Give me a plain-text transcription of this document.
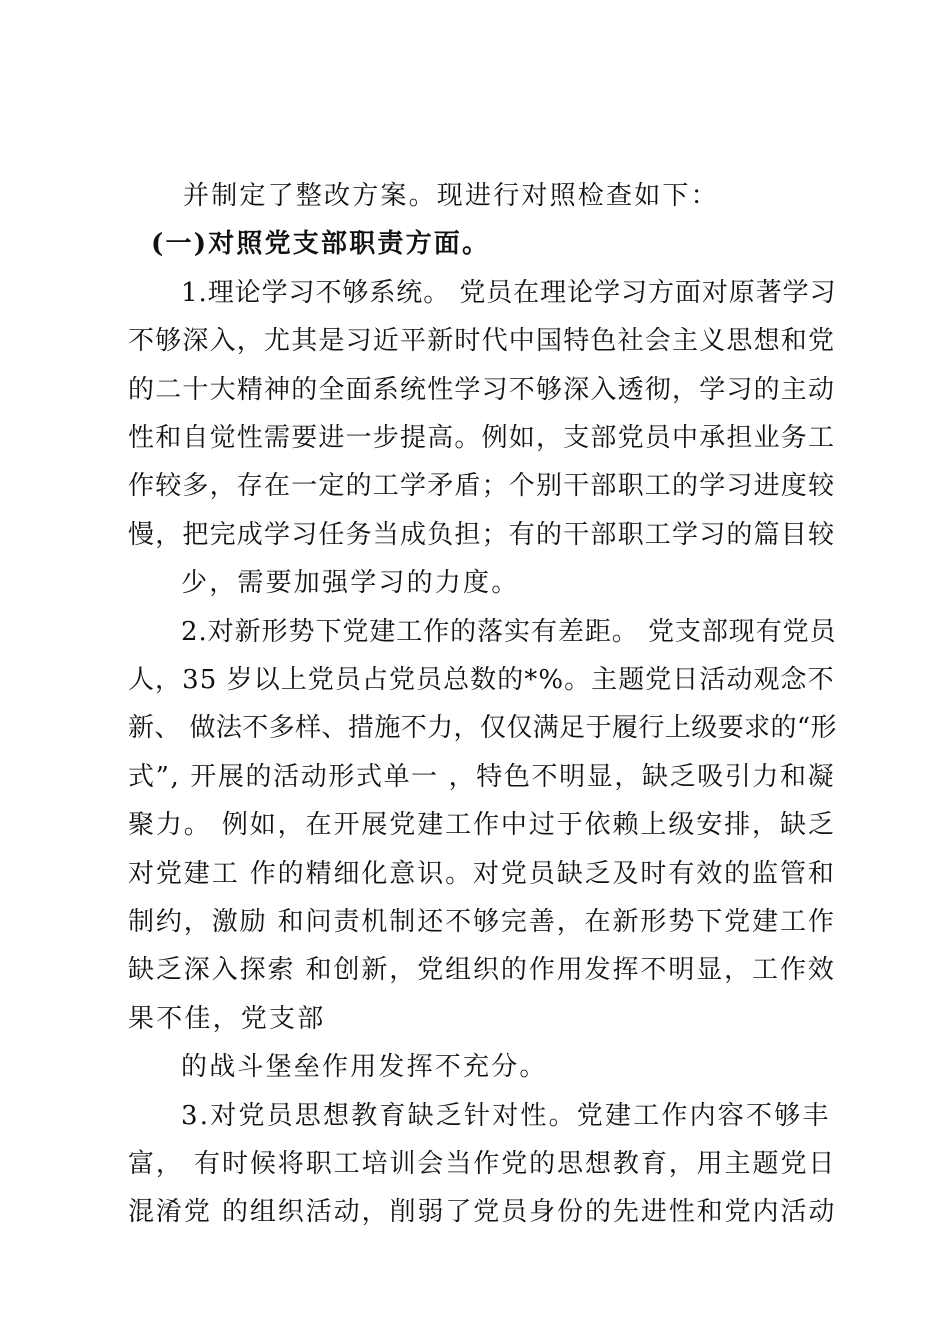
并制定了整改方案。现进行对照检查如下：
(一)对照党支部职责方面。
1.理论学习不够系统。 党员在理论学习方面对原著学习
不够深入，尤其是习近平新时代中国特色社会主义思想和党
的二十大精神的全面系统性学习不够深入透彻，学习的主动
性和自觉性需要进一步提高。例如，支部党员中承担业务工
作较多，存在一定的工学矛盾；个别干部职工的学习进度较
慢，把完成学习任务当成负担；有的干部职工学习的篇目较
少，需要加强学习的力度。
2.对新形势下党建工作的落实有差距。 党支部现有党员
人，35 岁以上党员占党员总数的*%。主题党日活动观念不
新、 做法不多样、措施不力，仅仅满足于履行上级要求的“形
式”, 开展的活动形式单一 ，特色不明显，缺乏吸引力和凝
聚力。 例如，在开展党建工作中过于依赖上级安排，缺乏
对党建工 作的精细化意识。对党员缺乏及时有效的监管和
制约，激励 和问责机制还不够完善，在新形势下党建工作
缺乏深入探索 和创新，党组织的作用发挥不明显，工作效
果不佳，党支部
的战斗堡垒作用发挥不充分。
3.对党员思想教育缺乏针对性。党建工作内容不够丰
富， 有时候将职工培训会当作党的思想教育，用主题党日
混淆党 的组织活动，削弱了党员身份的先进性和党内活动
